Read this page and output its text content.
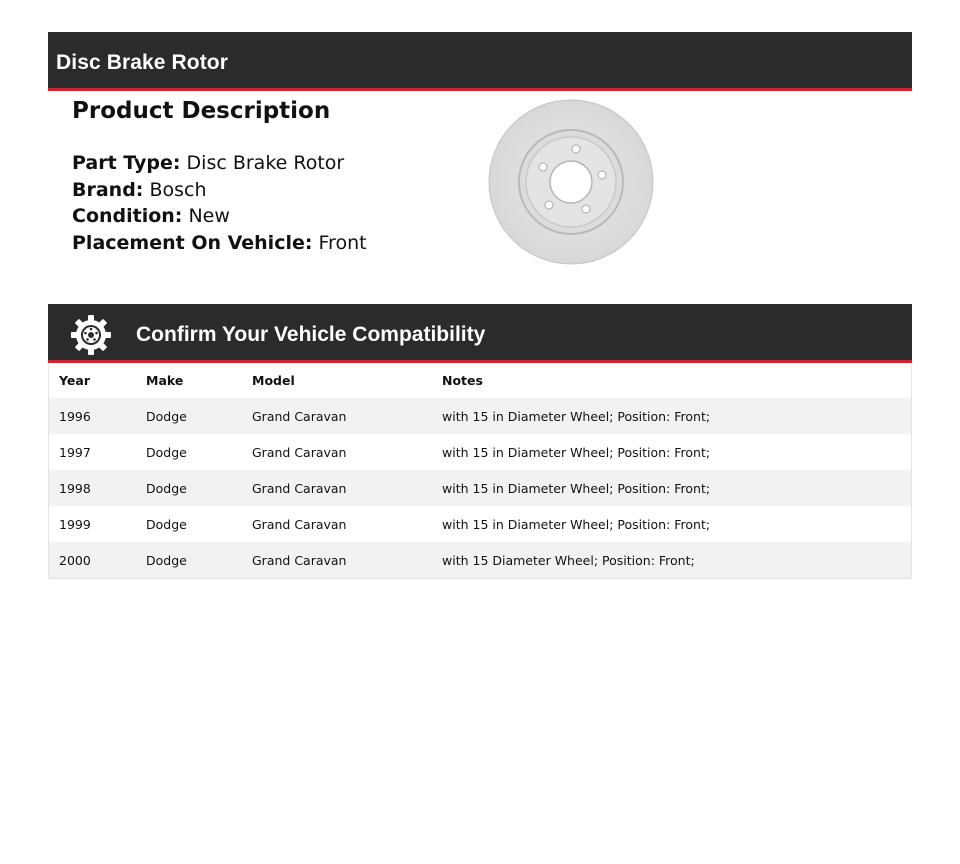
Disc Brake Rotor
Product Description
Part Type: Disc Brake Rotor
Brand: Bosch
Condition: New
Placement On Vehicle: Front
Confirm Your Vehicle Compatibility
Year	Make	Model	Notes
1996	Dodge	Grand Caravan	with 15 in Diameter Wheel; Position: Front;
1997	Dodge	Grand Caravan	with 15 in Diameter Wheel; Position: Front;
1998	Dodge	Grand Caravan	with 15 in Diameter Wheel; Position: Front;
1999	Dodge	Grand Caravan	with 15 in Diameter Wheel; Position: Front;
2000	Dodge	Grand Caravan	with 15 Diameter Wheel; Position: Front;
